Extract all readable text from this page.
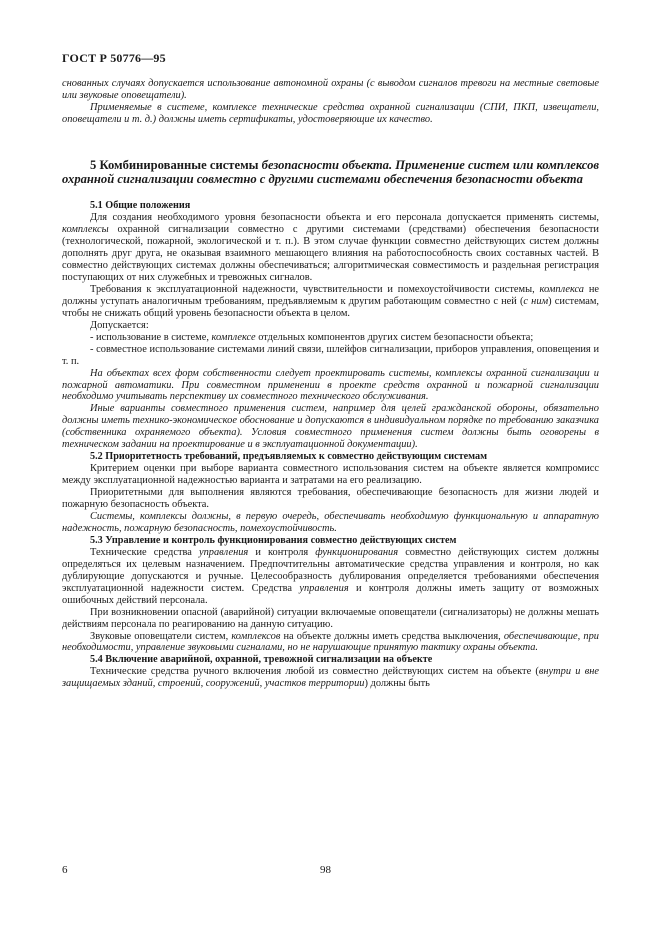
ГОСТ Р 50776—95

снованных случаях допускается использование автономной охраны (с выводом сигналов тревоги на местные световые или звуковые оповещатели).

Применяемые в системе, комплексе технические средства охранной сигнализации (СПИ, ПКП, извещатели, оповещатели и т. д.) должны иметь сертификаты, удостоверяющие их качество.

5 Комбинированные системы безопасности объекта. Применение систем или комплексов охранной сигнализации совместно с другими системами обеспечения безопасности объекта

5.1 Общие положения

Для создания необходимого уровня безопасности объекта и его персонала допускается применять системы, комплексы охранной сигнализации совместно с другими системами (средствами) обеспечения безопасности (технологической, пожарной, экологической и т. п.). В этом случае функции совместно действующих систем должны дополнять друг друга, не оказывая взаимного мешающего влияния на работоспособность своих составных частей. В совместно действующих системах должны обеспечиваться; алгоритмическая совместимость и раздельная регистрация поступающих от них служебных и тревожных сигналов.

Требования к эксплуатационной надежности, чувствительности и помехоустойчивости системы, комплекса не должны уступать аналогичным требованиям, предъявляемым к другим работающим совместно с ней (с ним) системам, чтобы не снижать общий уровень безопасности объекта в целом.

Допускается:

- использование в системе, комплексе отдельных компонентов других систем безопасности объекта;

- совместное использование системами линий связи, шлейфов сигнализации, приборов управления, оповещения и т. п.

На объектах всех форм собственности следует проектировать системы, комплексы охранной сигнализации и пожарной автоматики. При совместном применении в проекте средств охранной и пожарной сигнализации необходимо учитывать перспективу их совместного технического обслуживания.

Иные варианты совместного применения систем, например для целей гражданской обороны, обязательно должны иметь технико-экономическое обоснование и допускаются в индивидуальном порядке по требованию заказчика (собственника охраняемого объекта). Условия совместного применения систем должны быть оговорены в техническом задании на проектирование и в эксплуатационной документации).

5.2 Приоритетность требований, предъявляемых к совместно действующим системам

Критерием оценки при выборе варианта совместного использования систем на объекте является компромисс между эксплуатационной надежностью варианта и затратами на его реализацию.

Приоритетными для выполнения являются требования, обеспечивающие безопасность для жизни людей и пожарную безопасность объекта.

Системы, комплексы должны, в первую очередь, обеспечивать необходимую функциональную и аппаратную надежность, пожарную безопасность, помехоустойчивость.

5.3 Управление и контроль функционирования совместно действующих систем

Технические средства управления и контроля функционирования совместно действующих систем должны определяться их целевым назначением. Предпочтительны автоматические средства управления и контроля, но как дублирующие допускаются и ручные. Целесообразность дублирования определяется требованиями обеспечения эксплуатационной надежности систем. Средства управления и контроля должны иметь защиту от возможных ошибочных действий персонала.

При возникновении опасной (аварийной) ситуации включаемые оповещатели (сигнализаторы) не должны мешать действиям персонала по реагированию на данную ситуацию.

Звуковые оповещатели систем, комплексов на объекте должны иметь средства выключения, обеспечивающие, при необходимости, управление звуковыми сигналами, но не нарушающие принятую тактику охраны объекта.

5.4 Включение аварийной, охранной, тревожной сигнализации на объекте

Технические средства ручного включения любой из совместно действующих систем на объекте (внутри и вне защищаемых зданий, строений, сооружений, участков территории) должны быть

6	98
